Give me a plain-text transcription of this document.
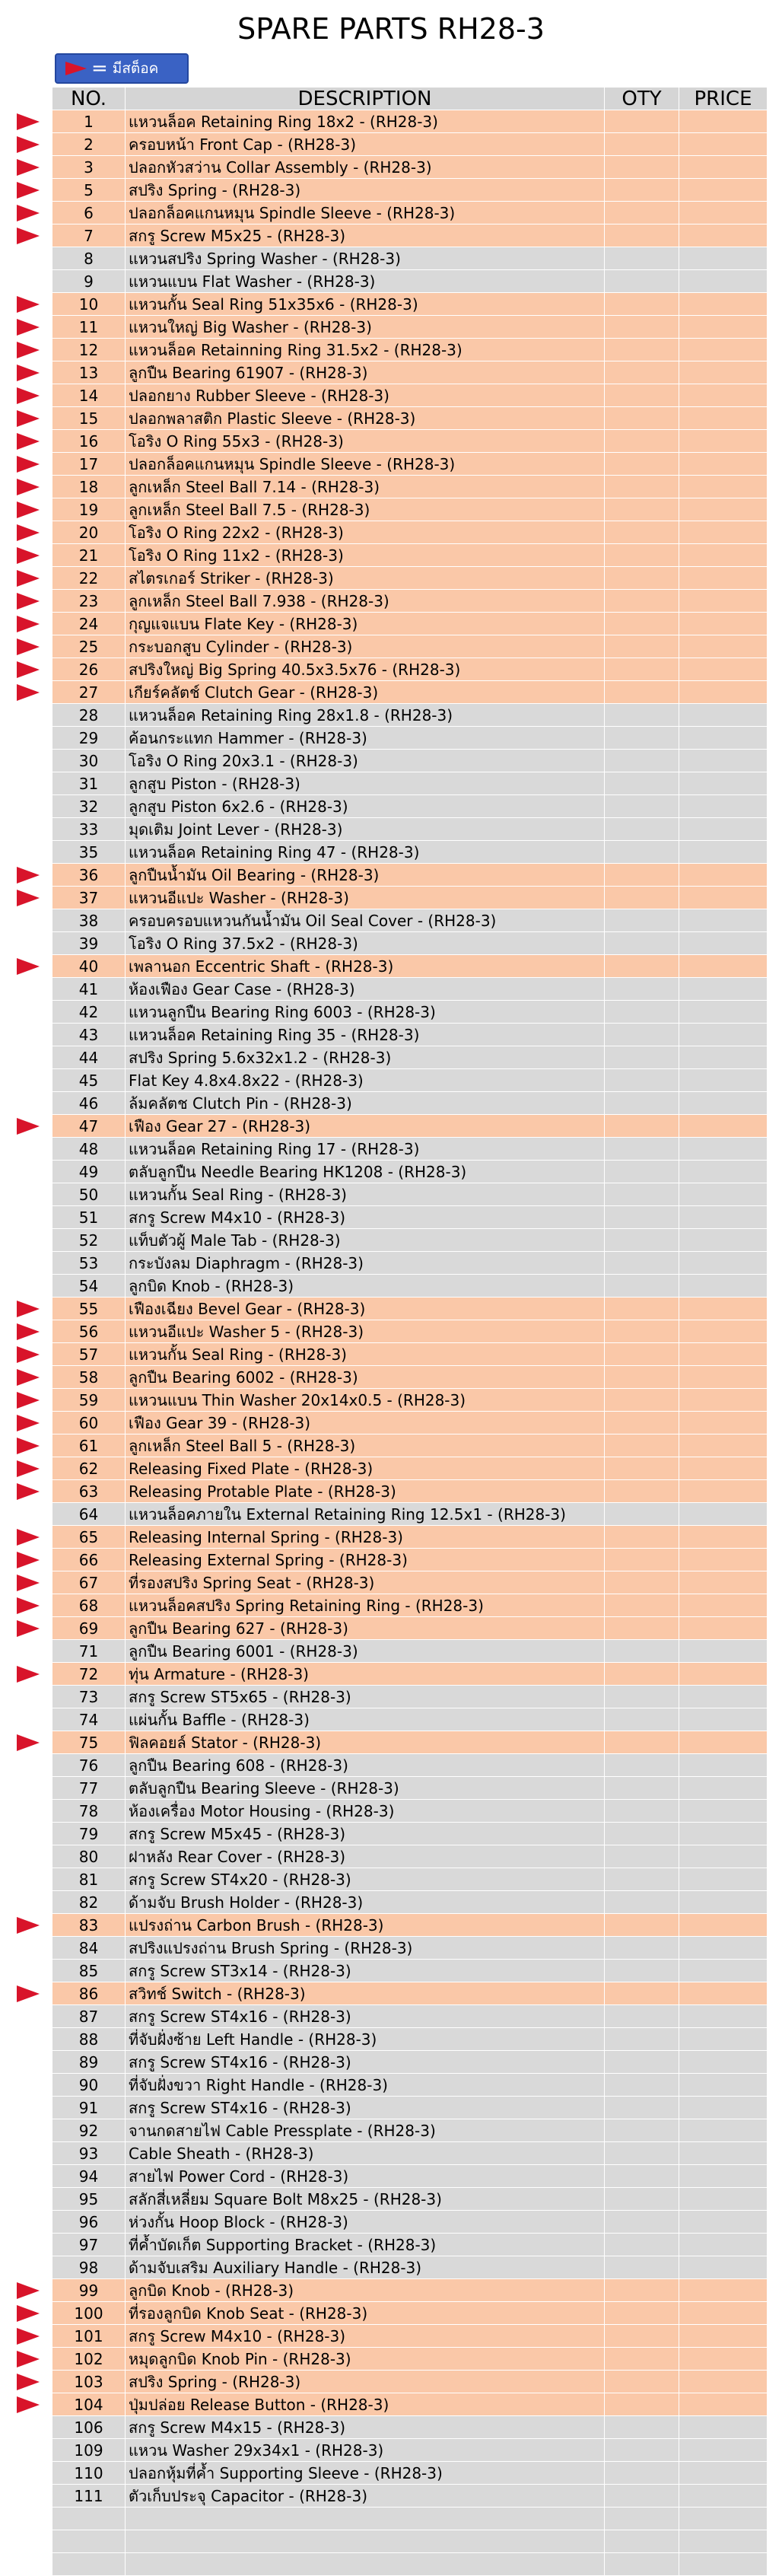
SPARE PARTS RH28-3
= มีสต็อค
NO.	DESCRIPTION	OTY	PRICE
1	แหวนล็อค Retaining Ring 18x2 - (RH28-3)		
2	ครอบหน้า Front Cap - (RH28-3)		
3	ปลอกหัวสว่าน Collar Assembly - (RH28-3)		
5	สปริง Spring - (RH28-3)		
6	ปลอกล็อคแกนหมุน Spindle Sleeve - (RH28-3)		
7	สกรู Screw M5x25 - (RH28-3)		
8	แหวนสปริง Spring Washer - (RH28-3)		
9	แหวนแบน Flat Washer - (RH28-3)		
10	แหวนกั้น Seal Ring 51x35x6 - (RH28-3)		
11	แหวนใหญ่ Big Washer - (RH28-3)		
12	แหวนล็อค Retainning Ring 31.5x2 - (RH28-3)		
13	ลูกปืน Bearing 61907 - (RH28-3)		
14	ปลอกยาง Rubber Sleeve - (RH28-3)		
15	ปลอกพลาสติก Plastic Sleeve - (RH28-3)		
16	โอริง O Ring 55x3 - (RH28-3)		
17	ปลอกล็อคแกนหมุน Spindle Sleeve - (RH28-3)		
18	ลูกเหล็ก Steel Ball 7.14 - (RH28-3)		
19	ลูกเหล็ก Steel Ball 7.5 - (RH28-3)		
20	โอริง O Ring 22x2 - (RH28-3)		
21	โอริง O Ring 11x2 - (RH28-3)		
22	สไตรเกอร์ Striker - (RH28-3)		
23	ลูกเหล็ก Steel Ball 7.938 - (RH28-3)		
24	กุญแจแบน Flate Key - (RH28-3)		
25	กระบอกสูบ Cylinder - (RH28-3)		
26	สปริงใหญ่ Big Spring 40.5x3.5x76 - (RH28-3)		
27	เกียร์คลัตช์ Clutch Gear - (RH28-3)		
28	แหวนล็อค Retaining Ring 28x1.8 - (RH28-3)		
29	ค้อนกระแทก Hammer - (RH28-3)		
30	โอริง O Ring 20x3.1 - (RH28-3)		
31	ลูกสูบ Piston - (RH28-3)		
32	ลูกสูบ Piston 6x2.6 - (RH28-3)		
33	มุดเติม Joint Lever - (RH28-3)		
35	แหวนล็อค Retaining Ring 47 - (RH28-3)		
36	ลูกปืนน้ำมัน Oil Bearing - (RH28-3)		
37	แหวนอีแปะ Washer - (RH28-3)		
38	ครอบครอบแหวนกันน้ำมัน Oil Seal Cover - (RH28-3)		
39	โอริง O Ring 37.5x2 - (RH28-3)		
40	เพลานอก Eccentric Shaft - (RH28-3)		
41	ห้องเฟือง Gear Case - (RH28-3)		
42	แหวนลูกปืน Bearing Ring 6003 - (RH28-3)		
43	แหวนล็อค Retaining Ring 35 - (RH28-3)		
44	สปริง Spring 5.6x32x1.2 - (RH28-3)		
45	Flat Key 4.8x4.8x22 - (RH28-3)		
46	ล้มคลัตช Clutch Pin - (RH28-3)		
47	เฟือง Gear 27 - (RH28-3)		
48	แหวนล็อค Retaining Ring 17 - (RH28-3)		
49	ตลับลูกปืน Needle Bearing HK1208 - (RH28-3)		
50	แหวนกั้น Seal Ring - (RH28-3)		
51	สกรู Screw M4x10 - (RH28-3)		
52	แท็บตัวผู้ Male Tab - (RH28-3)		
53	กระบังลม Diaphragm - (RH28-3)		
54	ลูกบิด Knob - (RH28-3)		
55	เฟืองเฉียง Bevel Gear - (RH28-3)		
56	แหวนอีแปะ Washer 5 - (RH28-3)		
57	แหวนกั้น Seal Ring - (RH28-3)		
58	ลูกปืน Bearing 6002 - (RH28-3)		
59	แหวนแบน Thin Washer 20x14x0.5 - (RH28-3)		
60	เฟือง Gear 39 - (RH28-3)		
61	ลูกเหล็ก Steel Ball 5 - (RH28-3)		
62	Releasing Fixed Plate - (RH28-3)		
63	Releasing Protable Plate - (RH28-3)		
64	แหวนล็อคภายใน External Retaining Ring 12.5x1 - (RH28-3)		
65	Releasing Internal Spring - (RH28-3)		
66	Releasing External Spring - (RH28-3)		
67	ที่รองสปริง Spring Seat - (RH28-3)		
68	แหวนล็อคสปริง Spring Retaining Ring - (RH28-3)		
69	ลูกปืน Bearing 627 - (RH28-3)		
71	ลูกปืน Bearing 6001 - (RH28-3)		
72	ทุ่น Armature - (RH28-3)		
73	สกรู Screw ST5x65 - (RH28-3)		
74	แผ่นกั้น Baffle - (RH28-3)		
75	ฟิลคอยล์ Stator - (RH28-3)		
76	ลูกปืน Bearing 608 - (RH28-3)		
77	ตลับลูกปืน Bearing Sleeve - (RH28-3)		
78	ห้องเครื่อง Motor Housing - (RH28-3)		
79	สกรู Screw M5x45 - (RH28-3)		
80	ฝาหลัง Rear Cover - (RH28-3)		
81	สกรู Screw ST4x20 - (RH28-3)		
82	ด้ามจับ Brush Holder - (RH28-3)		
83	แปรงถ่าน Carbon Brush - (RH28-3)		
84	สปริงแปรงถ่าน Brush Spring - (RH28-3)		
85	สกรู Screw ST3x14 - (RH28-3)		
86	สวิทช์ Switch - (RH28-3)		
87	สกรู Screw ST4x16 - (RH28-3)		
88	ที่จับฝั่งซ้าย Left Handle - (RH28-3)		
89	สกรู Screw ST4x16 - (RH28-3)		
90	ที่จับฝั่งขวา Right Handle - (RH28-3)		
91	สกรู Screw ST4x16 - (RH28-3)		
92	จานกดสายไฟ Cable Pressplate - (RH28-3)		
93	Cable Sheath - (RH28-3)		
94	สายไฟ Power Cord - (RH28-3)		
95	สลักสี่เหลี่ยม Square Bolt M8x25 - (RH28-3)		
96	ห่วงกั้น Hoop Block - (RH28-3)		
97	ที่ค้ำบัดเก็ต Supporting Bracket - (RH28-3)		
98	ด้ามจับเสริม Auxiliary Handle - (RH28-3)		
99	ลูกบิด Knob - (RH28-3)		
100	ที่รองลูกบิด Knob Seat - (RH28-3)		
101	สกรู Screw M4x10 - (RH28-3)		
102	หมุดลูกบิด Knob Pin - (RH28-3)		
103	สปริง Spring - (RH28-3)		
104	ปุ่มปล่อย Release Button - (RH28-3)		
106	สกรู Screw M4x15 - (RH28-3)		
109	แหวน Washer 29x34x1 - (RH28-3)		
110	ปลอกหุ้มที่ค้ำ Supporting Sleeve - (RH28-3)		
111	ตัวเก็บประจุ Capacitor - (RH28-3)		
